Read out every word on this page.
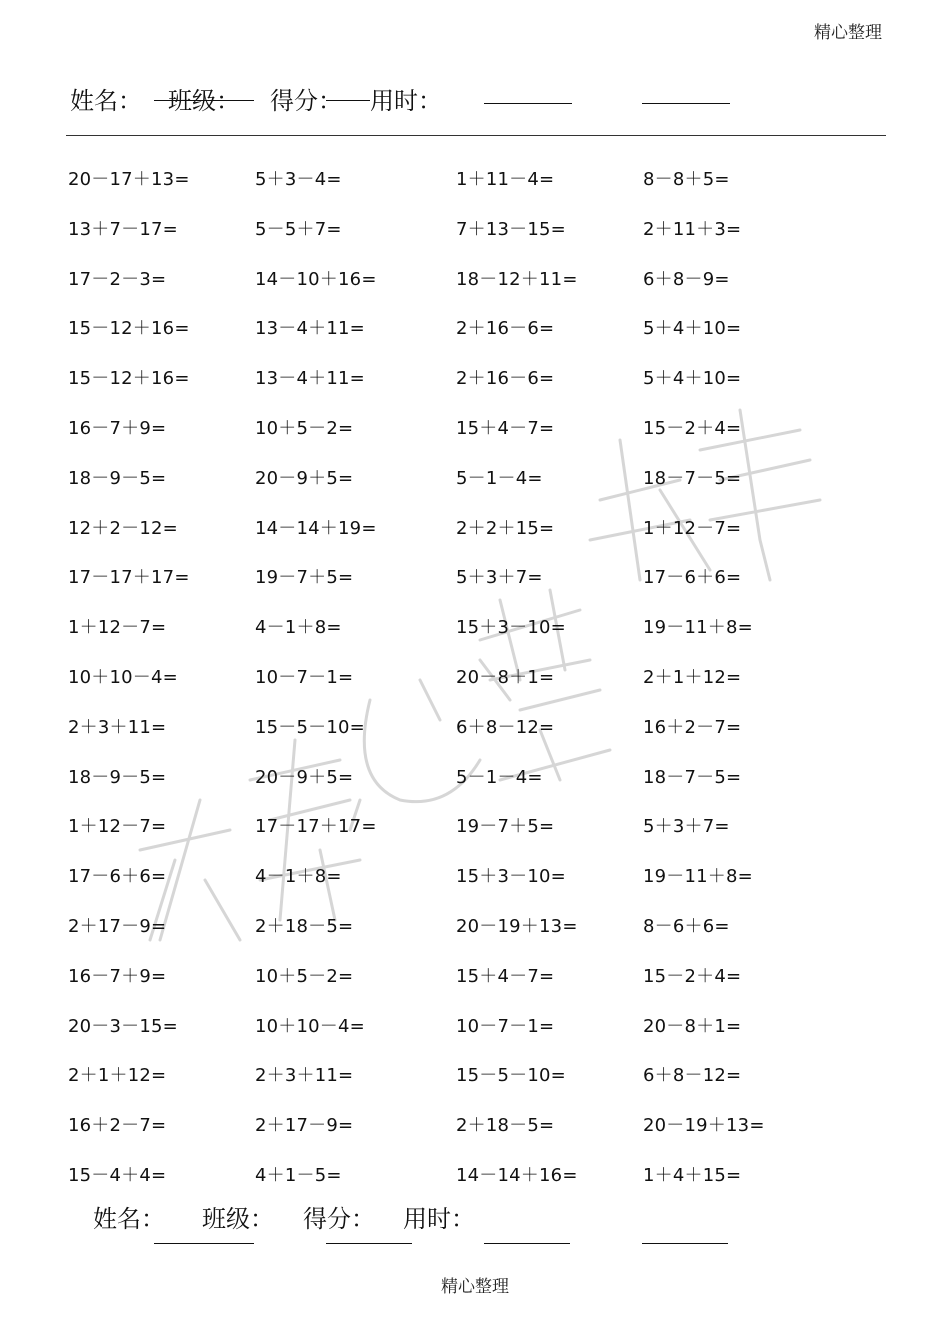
精心整理
姓名： 班级： 得分： 用时：
20－17＋13=	5＋3－4=	1＋11－4=	8－8＋5=
13＋7－17=	5－5＋7=	7＋13－15=	2＋11＋3=
17－2－3=	14－10＋16=	18－12＋11=	6＋8－9=
15－12＋16=	13－4＋11=	2＋16－6=	5＋4＋10=
15－12＋16=	13－4＋11=	2＋16－6=	5＋4＋10=
16－7＋9=	10＋5－2=	15＋4－7=	15－2＋4=
18－9－5=	20－9＋5=	5－1－4=	18－7－5=
12＋2－12=	14－14＋19=	2＋2＋15=	1＋12－7=
17－17＋17=	19－7＋5=	5＋3＋7=	17－6＋6=
1＋12－7=	4－1＋8=	15＋3－10=	19－11＋8=
10＋10－4=	10－7－1=	20－8＋1=	2＋1＋12=
2＋3＋11=	15－5－10=	6＋8－12=	16＋2－7=
18－9－5=	20－9＋5=	5－1－4=	18－7－5=
1＋12－7=	17－17＋17=	19－7＋5=	5＋3＋7=
17－6＋6=	4－1＋8=	15＋3－10=	19－11＋8=
2＋17－9=	2＋18－5=	20－19＋13=	8－6＋6=
16－7＋9=	10＋5－2=	15＋4－7=	15－2＋4=
20－3－15=	10＋10－4=	10－7－1=	20－8＋1=
2＋1＋12=	2＋3＋11=	15－5－10=	6＋8－12=
16＋2－7=	2＋17－9=	2＋18－5=	20－19＋13=
15－4＋4=	4＋1－5=	14－14＋16=	1＋4＋15=
姓名： 班级： 得分： 用时：
精心整理
